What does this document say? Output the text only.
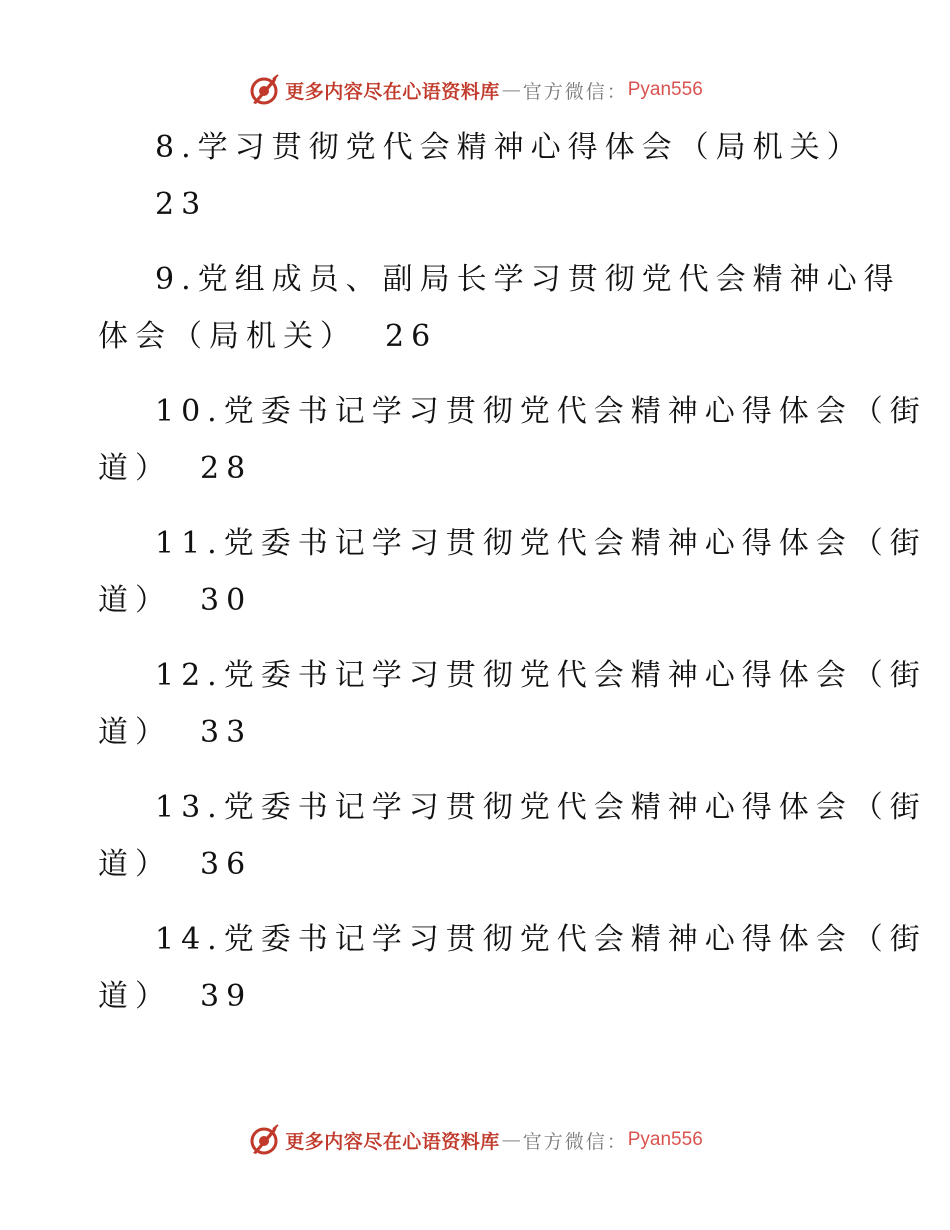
更多内容尽在心语资料库 — 官方微信： Pyan556
8.学习贯彻党代会精神心得体会（局机关）
23
9.党组成员、副局长学习贯彻党代会精神心得
体会（局机关） 26
10.党委书记学习贯彻党代会精神心得体会（街
道） 28
11.党委书记学习贯彻党代会精神心得体会（街
道） 30
12.党委书记学习贯彻党代会精神心得体会（街
道） 33
13.党委书记学习贯彻党代会精神心得体会（街
道） 36
14.党委书记学习贯彻党代会精神心得体会（街
道） 39
更多内容尽在心语资料库 — 官方微信： Pyan556
